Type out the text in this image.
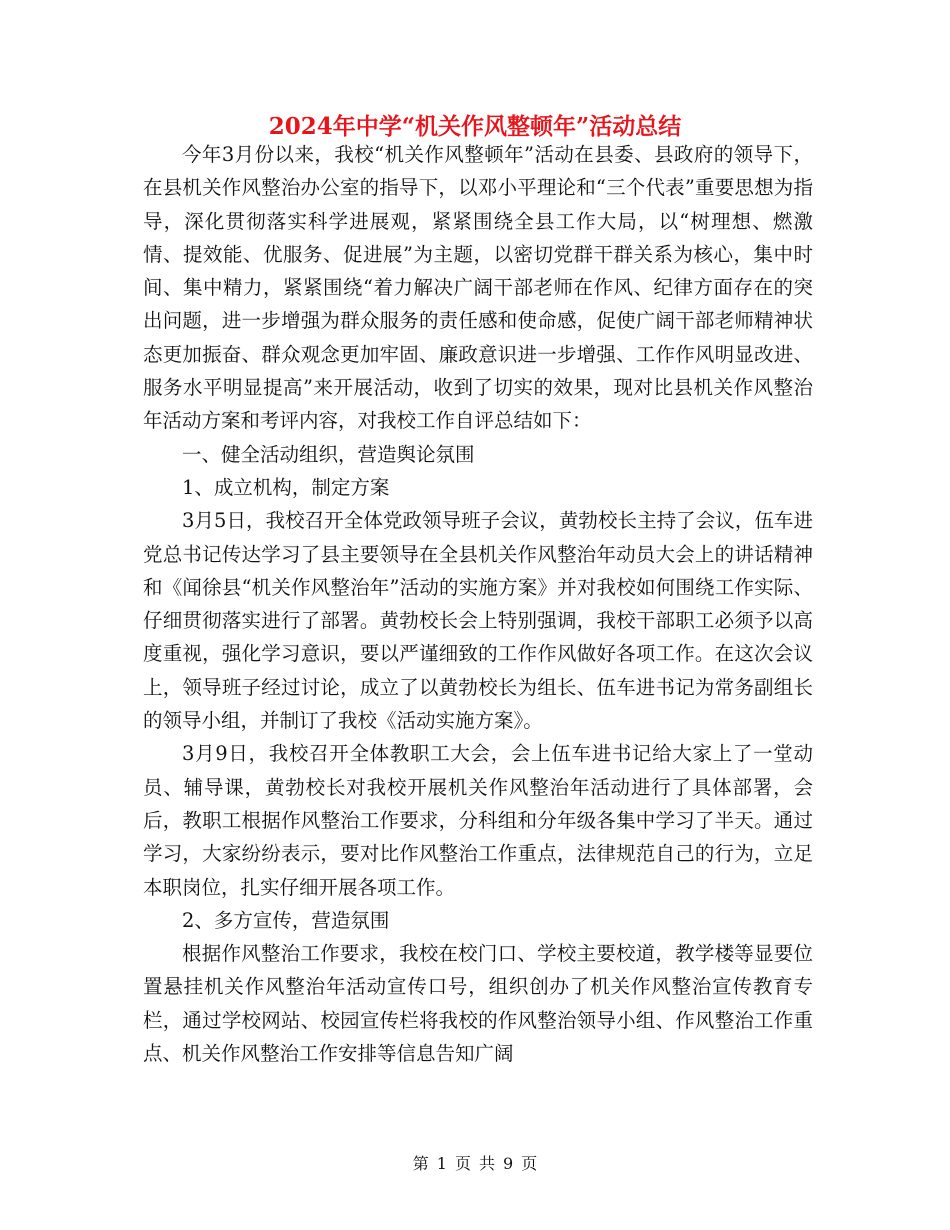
2024年中学“机关作风整顿年”活动总结

今年3月份以来，我校“机关作风整顿年”活动在县委、县政府的领导下，在县机关作风整治办公室的指导下，以邓小平理论和“三个代表”重要思想为指导，深化贯彻落实科学进展观，紧紧围绕全县工作大局，以“树理想、燃激情、提效能、优服务、促进展”为主题，以密切党群干群关系为核心，集中时间、集中精力，紧紧围绕“着力解决广阔干部老师在作风、纪律方面存在的突出问题，进一步增强为群众服务的责任感和使命感，促使广阔干部老师精神状态更加振奋、群众观念更加牢固、廉政意识进一步增强、工作作风明显改进、服务水平明显提高”来开展活动，收到了切实的效果，现对比县机关作风整治年活动方案和考评内容，对我校工作自评总结如下：

一、健全活动组织，营造舆论氛围

1、成立机构，制定方案

3月5日，我校召开全体党政领导班子会议，黄勃校长主持了会议，伍车进党总书记传达学习了县主要领导在全县机关作风整治年动员大会上的讲话精神和《闻徐县“机关作风整治年”活动的实施方案》并对我校如何围绕工作实际、仔细贯彻落实进行了部署。黄勃校长会上特别强调，我校干部职工必须予以高度重视，强化学习意识，要以严谨细致的工作作风做好各项工作。在这次会议上，领导班子经过讨论，成立了以黄勃校长为组长、伍车进书记为常务副组长的领导小组，并制订了我校《活动实施方案》。

3月9日，我校召开全体教职工大会，会上伍车进书记给大家上了一堂动员、辅导课，黄勃校长对我校开展机关作风整治年活动进行了具体部署，会后，教职工根据作风整治工作要求，分科组和分年级各集中学习了半天。通过学习，大家纷纷表示，要对比作风整治工作重点，法律规范自己的行为，立足本职岗位，扎实仔细开展各项工作。

2、多方宣传，营造氛围

根据作风整治工作要求，我校在校门口、学校主要校道，教学楼等显要位置悬挂机关作风整治年活动宣传口号，组织创办了机关作风整治宣传教育专栏，通过学校网站、校园宣传栏将我校的作风整治领导小组、作风整治工作重点、机关作风整治工作安排等信息告知广阔

第 1 页 共 9 页
